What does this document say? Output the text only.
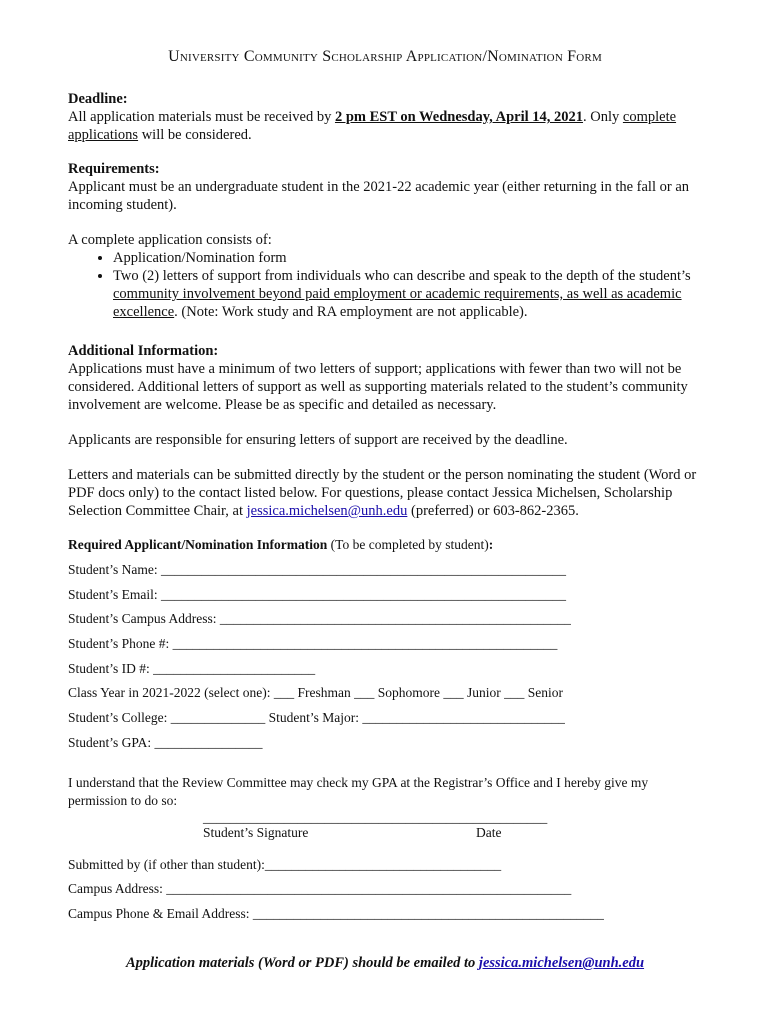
University Community Scholarship Application/Nomination Form
Deadline:
All application materials must be received by 2 pm EST on Wednesday, April 14, 2021. Only complete applications will be considered.
Requirements:
Applicant must be an undergraduate student in the 2021-22 academic year (either returning in the fall or an incoming student).
A complete application consists of:
• Application/Nomination form
• Two (2) letters of support from individuals who can describe and speak to the depth of the student’s community involvement beyond paid employment or academic requirements, as well as academic excellence. (Note: Work study and RA employment are not applicable).
Additional Information:
Applications must have a minimum of two letters of support; applications with fewer than two will not be considered. Additional letters of support as well as supporting materials related to the student’s community involvement are welcome. Please be as specific and detailed as necessary.
Applicants are responsible for ensuring letters of support are received by the deadline.
Letters and materials can be submitted directly by the student or the person nominating the student (Word or PDF docs only) to the contact listed below. For questions, please contact Jessica Michelsen, Scholarship Selection Committee Chair, at jessica.michelsen@unh.edu (preferred) or 603-862-2365.
Required Applicant/Nomination Information (To be completed by student):
Student’s Name: ____________________________________________________________
Student’s Email: ____________________________________________________________
Student’s Campus Address: ____________________________________________________
Student’s Phone #: _________________________________________________________
Student’s ID #: ________________________
Class Year in 2021-2022 (select one): ___ Freshman ___ Sophomore ___ Junior ___ Senior
Student’s College: ______________ Student’s Major: ______________________________
Student’s GPA: ________________
I understand that the Review Committee may check my GPA at the Registrar’s Office and I hereby give my permission to do so:
___________________________________________________
Student’s Signature	Date
Submitted by (if other than student):___________________________________
Campus Address: ____________________________________________________________
Campus Phone & Email Address: ____________________________________________________
Application materials (Word or PDF) should be emailed to jessica.michelsen@unh.edu
